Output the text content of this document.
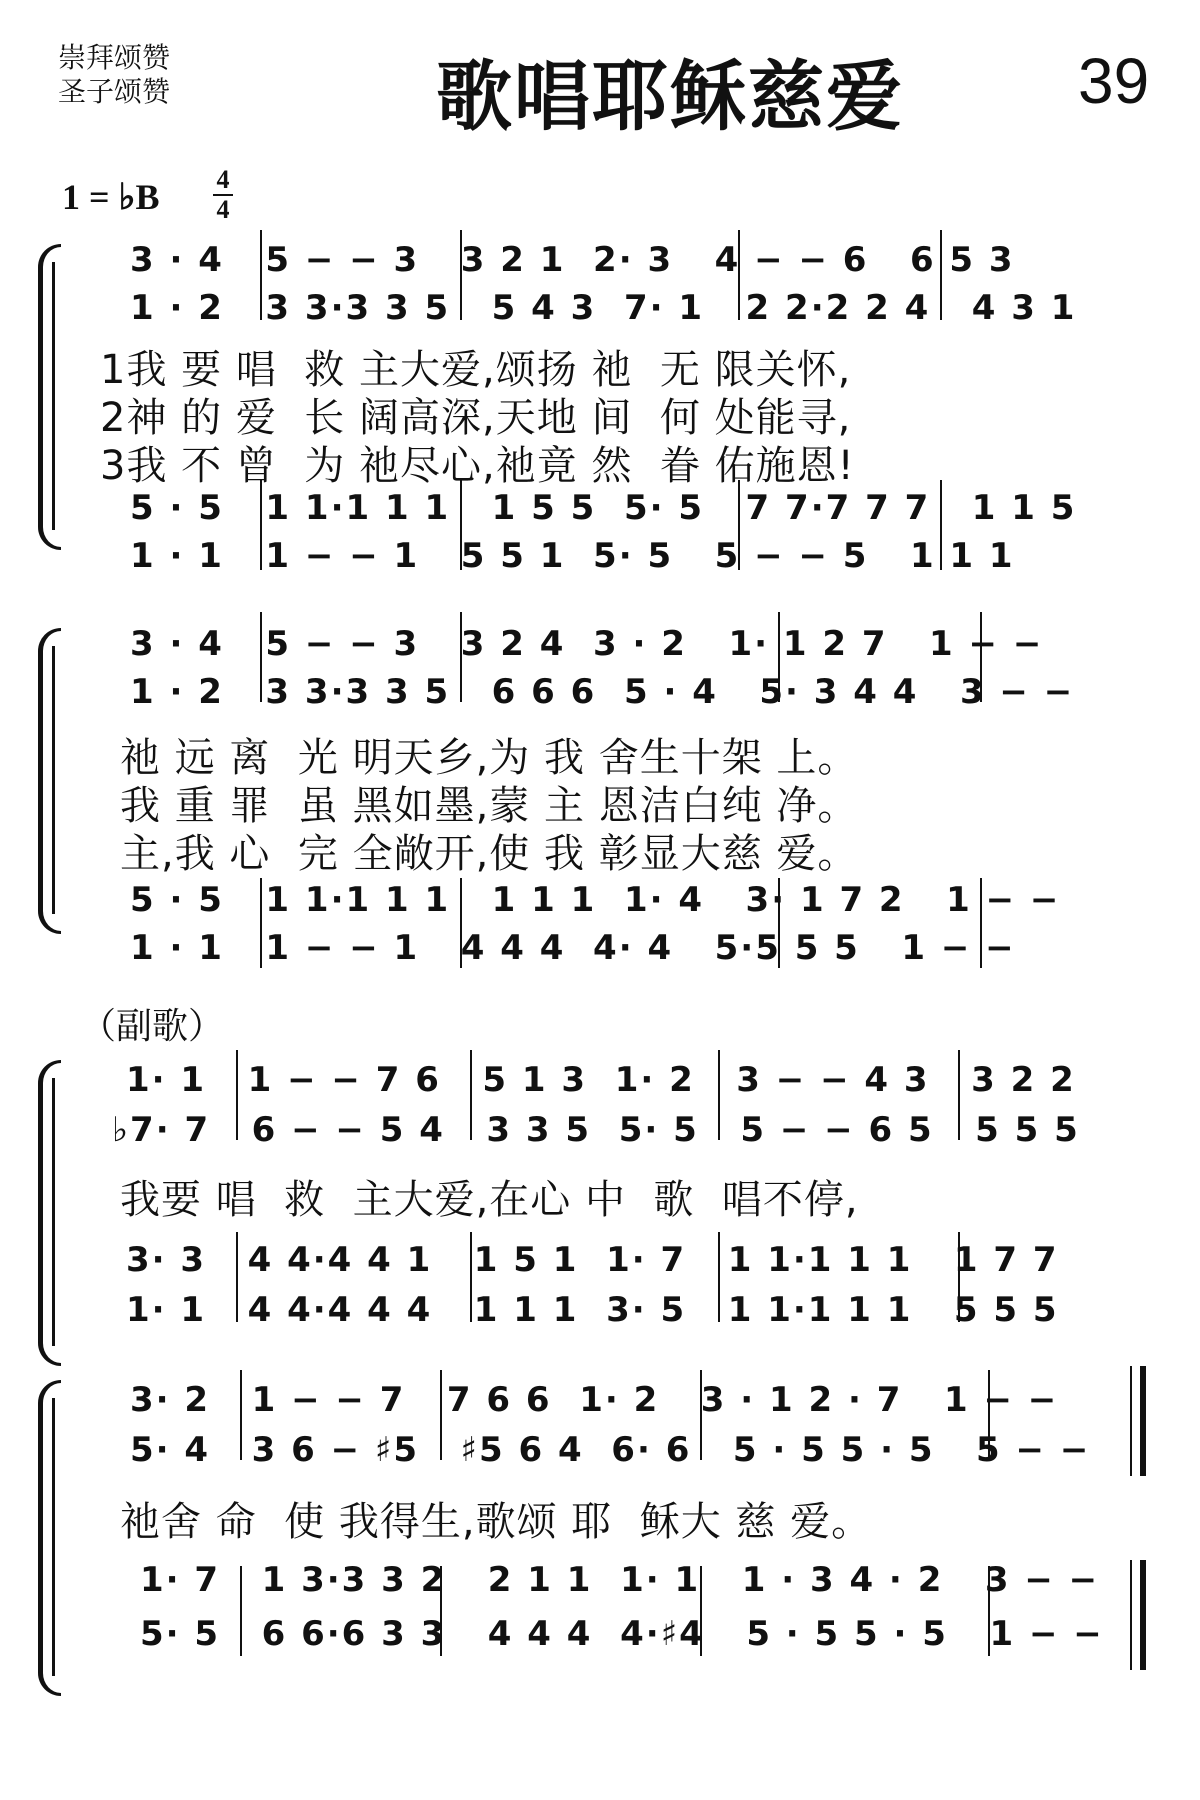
崇拜颂赞
圣子颂赞	歌唱耶稣慈爱	39
1 = ♭B	4
4
3 · 4   5 − − 3   3 2 1  2· 3   4 − − 6   6 5 3
1 · 2   3 3·3 3 5   5 4 3  7· 1   2 2·2 2 4   4 3 1
1我 要 唱  救 主大爱,颂扬 祂  无 限关怀,
2神 的 爱  长 阔高深,天地 间  何 处能寻,
3我 不 曾  为 祂尽心,祂竟 然  眷 佑施恩!
5 · 5   1 1·1 1 1   1 5 5  5· 5   7 7·7 7 7   1 1 5
1 · 1   1 − − 1   5 5 1  5· 5   5 − − 5   1 1 1
3 · 4   5 − − 3   3 2 4  3 · 2   1· 1 2 7   1 − −
1 · 2   3 3·3 3 5   6 6 6  5 · 4   5· 3 4 4   3 − −
祂 远 离  光 明天乡,为 我 舍生十架 上。
我 重 罪  虽 黑如墨,蒙 主 恩洁白纯 净。
主,我 心  完 全敞开,使 我 彰显大慈 爱。
5 · 5   1 1·1 1 1   1 1 1  1· 4   3· 1 7 2   1 − −
1 · 1   1 − − 1   4 4 4  4· 4   5·5 5 5   1 − −
（副歌）
1· 1   1 − − 7 6   5 1 3  1· 2   3 − − 4 3   3 2 2
♭7· 7   6 − − 5 4   3 3 5  5· 5   5 − − 6 5   5 5 5
我要 唱  救  主大爱,在心 中  歌  唱不停,
3· 3   4 4·4 4 1   1 5 1  1· 7   1 1·1 1 1   1 7 7
1· 1   4 4·4 4 4   1 1 1  3· 5   1 1·1 1 1   5 5 5
3· 2   1 − − 7   7 6 6  1· 2   3 · 1 2 · 7   1 − −
5· 4   3 6 − ♯5   ♯5 6 4  6· 6   5 · 5 5 · 5   5 − −
祂舍 命  使 我得生,歌颂 耶  稣大 慈 爱。
1· 7   1 3·3 3 2   2 1 1  1· 1   1 · 3 4 · 2   3 − −
5· 5   6 6·6 3 3   4 4 4  4·♯4   5 · 5 5 · 5   1 − −
